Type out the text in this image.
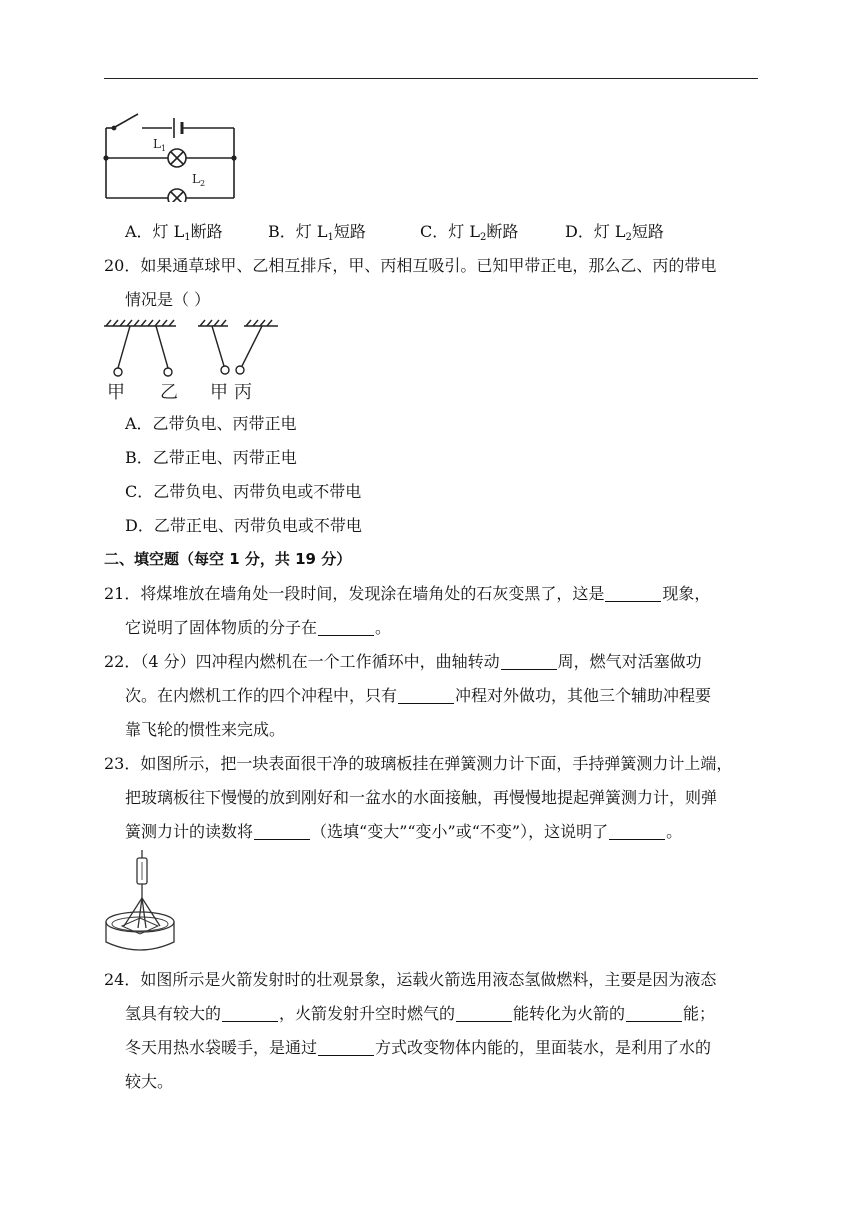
$L_1$
$L_2$
A．灯 $L_1$断路	B．灯 $L_1$短路	C．灯 $L_2$断路	D．灯 $L_2$短路
20．如果通草球甲、乙相互排斥，甲、丙相互吸引。已知甲带正电，那么乙、丙的带电
情况是（ ）
甲 乙 甲 丙
A．乙带负电、丙带正电
B．乙带正电、丙带正电
C．乙带负电、丙带负电或不带电
D．乙带正电、丙带负电或不带电
二、填空题（每空 1 分，共 19 分）
21．将煤堆放在墙角处一段时间，发现涂在墙角处的石灰变黑了，这是	现象，
它说明了固体物质的分子在	。
22．（4 分）四冲程内燃机在一个工作循环中，曲轴转动	周，燃气对活塞做功
次。在内燃机工作的四个冲程中，只有	冲程对外做功，其他三个辅助冲程要
靠飞轮的惯性来完成。
23．如图所示，把一块表面很干净的玻璃板挂在弹簧测力计下面，手持弹簧测力计上端，
把玻璃板往下慢慢的放到刚好和一盆水的水面接触，再慢慢地提起弹簧测力计，则弹
簧测力计的读数将	（选填“变大”“变小”或“不变”），这说明了	。
24．如图所示是火箭发射时的壮观景象，运载火箭选用液态氢做燃料，主要是因为液态
氢具有较大的	，火箭发射升空时燃气的	能转化为火箭的	能；
冬天用热水袋暖手，是通过	方式改变物体内能的，里面装水，是利用了水的
较大。
